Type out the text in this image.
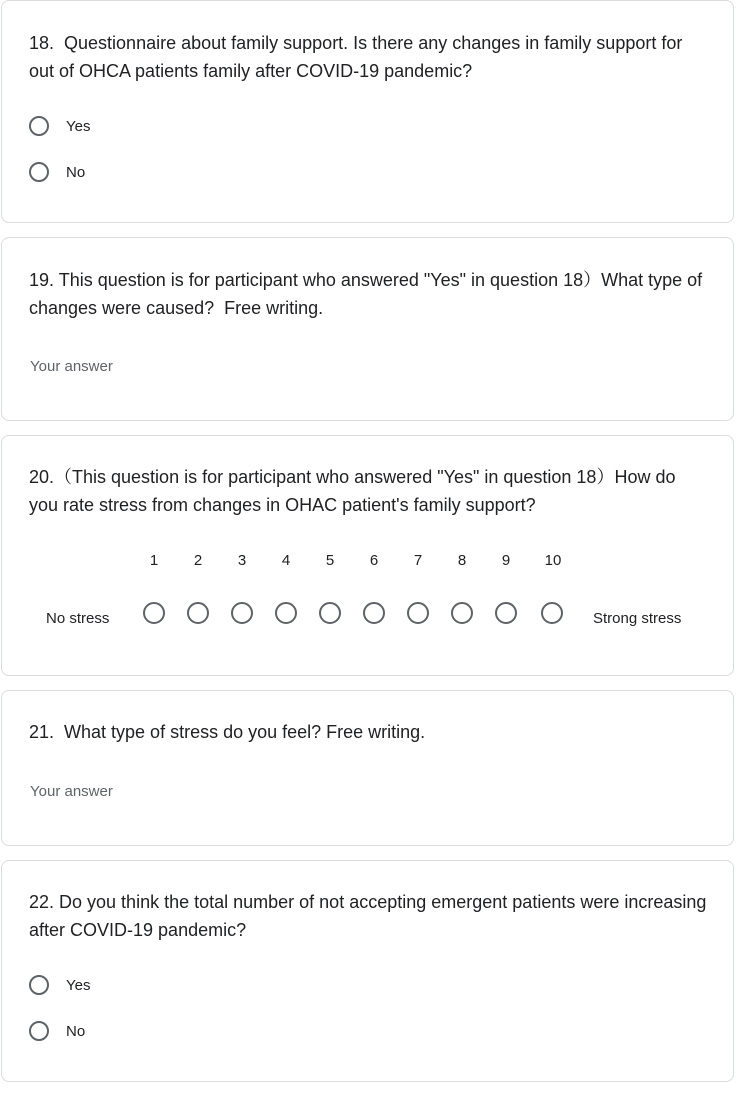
18.  Questionnaire about family support. Is there any changes in family support for out of OHCA patients family after COVID-19 pandemic?
Yes
No
19. This question is for participant who answered "Yes" in question 18）What type of changes were caused?  Free writing.
Your answer
20.（This question is for participant who answered "Yes" in question 18）How do you rate stress from changes in OHAC patient's family support?
1	2	3	4	5	6	7	8	9	10
No stress	Strong stress
21.  What type of stress do you feel? Free writing.
Your answer
22. Do you think the total number of not accepting emergent patients were increasing after COVID-19 pandemic?
Yes
No
